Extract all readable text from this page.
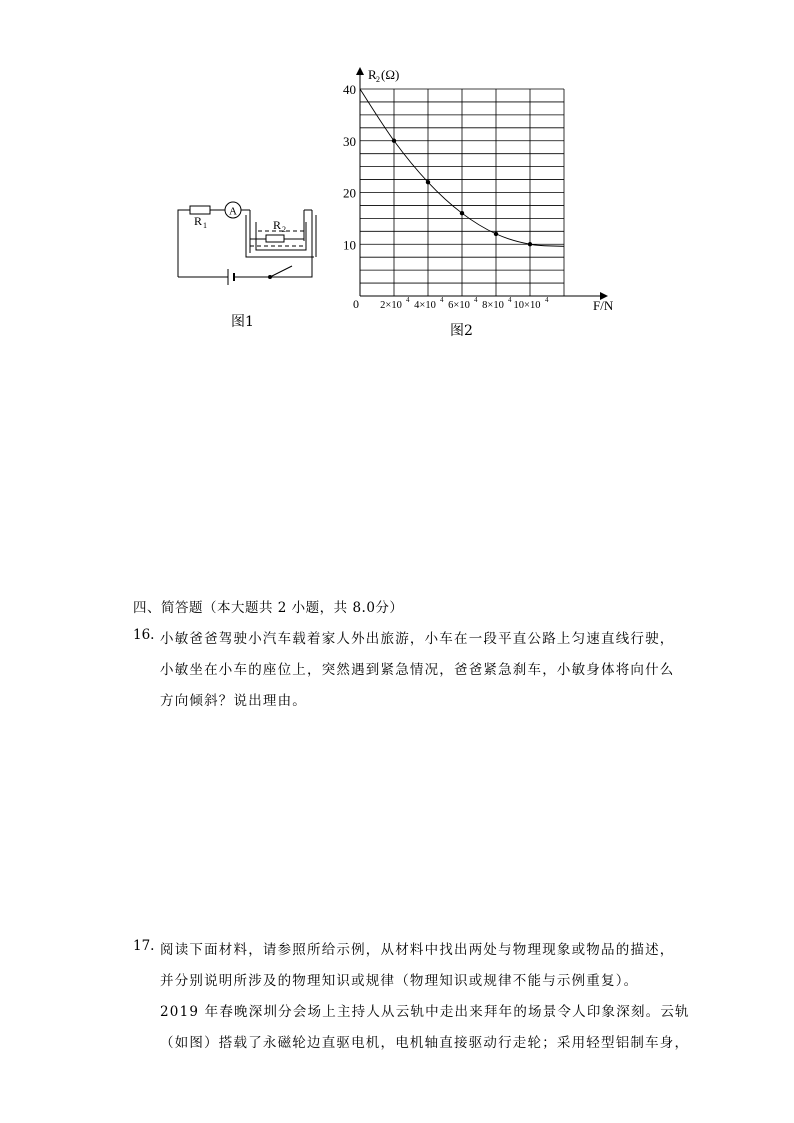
A
R 1	R 2
图1
40
30
20
10
2×10 4 4×10 4 6×10 4 8×10 4 10×10 4
R 2 (Ω)
F/N
0
图2
四、简答题（本大题共 2 小题，共 8.0分）
16. 小敏爸爸驾驶小汽车载着家人外出旅游，小车在一段平直公路上匀速直线行驶，
小敏坐在小车的座位上，突然遇到紧急情况，爸爸紧急刹车，小敏身体将向什么
方向倾斜？说出理由。
17. 阅读下面材料，请参照所给示例，从材料中找出两处与物理现象或物品的描述，
并分别说明所涉及的物理知识或规律（物理知识或规律不能与示例重复）。
2019 年春晚深圳分会场上主持人从云轨中走出来拜年的场景令人印象深刻。云轨
（如图）搭载了永磁轮边直驱电机，电机轴直接驱动行走轮；采用轻型铝制车身，
